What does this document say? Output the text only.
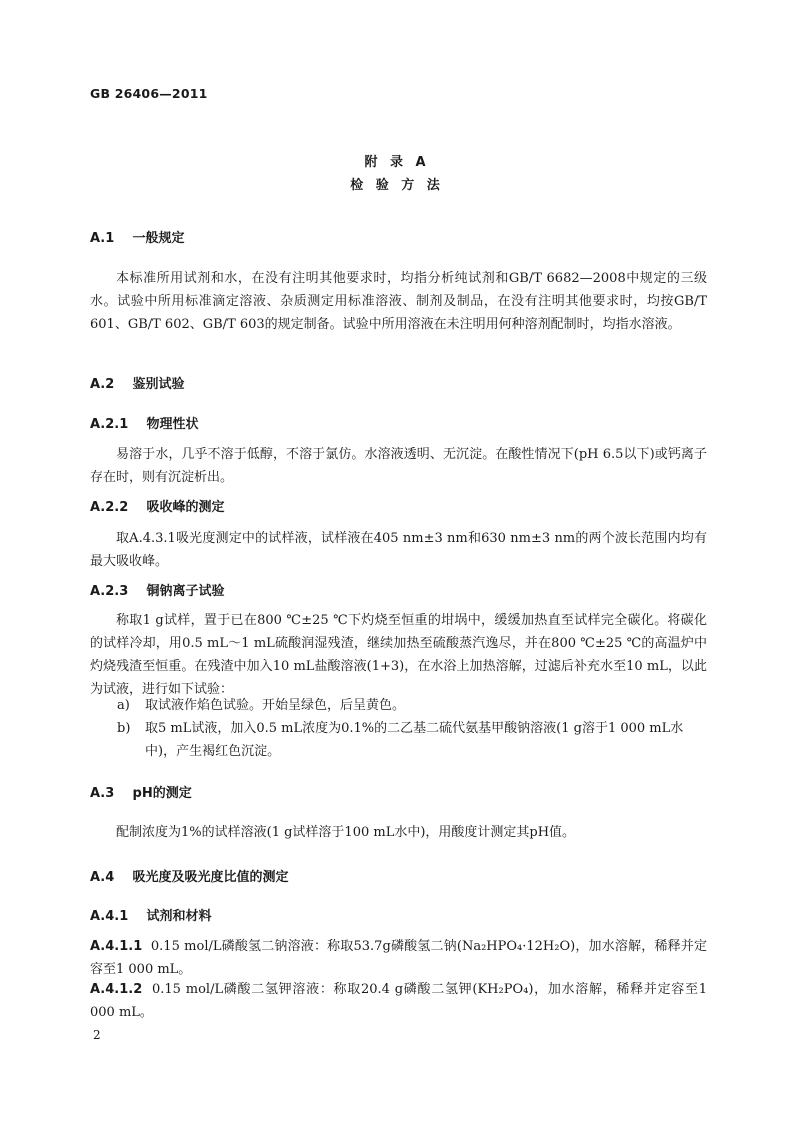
GB 26406—2011
附 录 A
检 验 方 法
A.1 一般规定
本标准所用试剂和水，在没有注明其他要求时，均指分析纯试剂和GB/T 6682—2008中规定的三级水。试验中所用标准滴定溶液、杂质测定用标准溶液、制剂及制品，在没有注明其他要求时，均按GB/T 601、GB/T 602、GB/T 603的规定制备。试验中所用溶液在未注明用何种溶剂配制时，均指水溶液。
A.2 鉴别试验
A.2.1 物理性状
易溶于水，几乎不溶于低醇，不溶于氯仿。水溶液透明、无沉淀。在酸性情况下(pH 6.5以下)或钙离子存在时，则有沉淀析出。
A.2.2 吸收峰的测定
取A.4.3.1吸光度测定中的试样液，试样液在405 nm±3 nm和630 nm±3 nm的两个波长范围内均有最大吸收峰。
A.2.3 铜钠离子试验
称取1 g试样，置于已在800 ℃±25 ℃下灼烧至恒重的坩埚中，缓缓加热直至试样完全碳化。将碳化的试样冷却，用0.5 mL～1 mL硫酸润湿残渣，继续加热至硫酸蒸汽逸尽，并在800 ℃±25 ℃的高温炉中灼烧残渣至恒重。在残渣中加入10 mL盐酸溶液(1+3)，在水浴上加热溶解，过滤后补充水至10 mL，以此为试液，进行如下试验：
a) 取试液作焰色试验。开始呈绿色，后呈黄色。
b) 取5 mL试液，加入0.5 mL浓度为0.1%的二乙基二硫代氨基甲酸钠溶液(1 g溶于1 000 mL水中)，产生褐红色沉淀。
A.3 pH的测定
配制浓度为1%的试样溶液(1 g试样溶于100 mL水中)，用酸度计测定其pH值。
A.4 吸光度及吸光度比值的测定
A.4.1 试剂和材料
A.4.1.1 0.15 mol/L磷酸氢二钠溶液：称取53.7g磷酸氢二钠(Na₂HPO₄·12H₂O)，加水溶解，稀释并定容至1 000 mL。
A.4.1.2 0.15 mol/L磷酸二氢钾溶液：称取20.4 g磷酸二氢钾(KH₂PO₄)，加水溶解，稀释并定容至1 000 mL。
2
